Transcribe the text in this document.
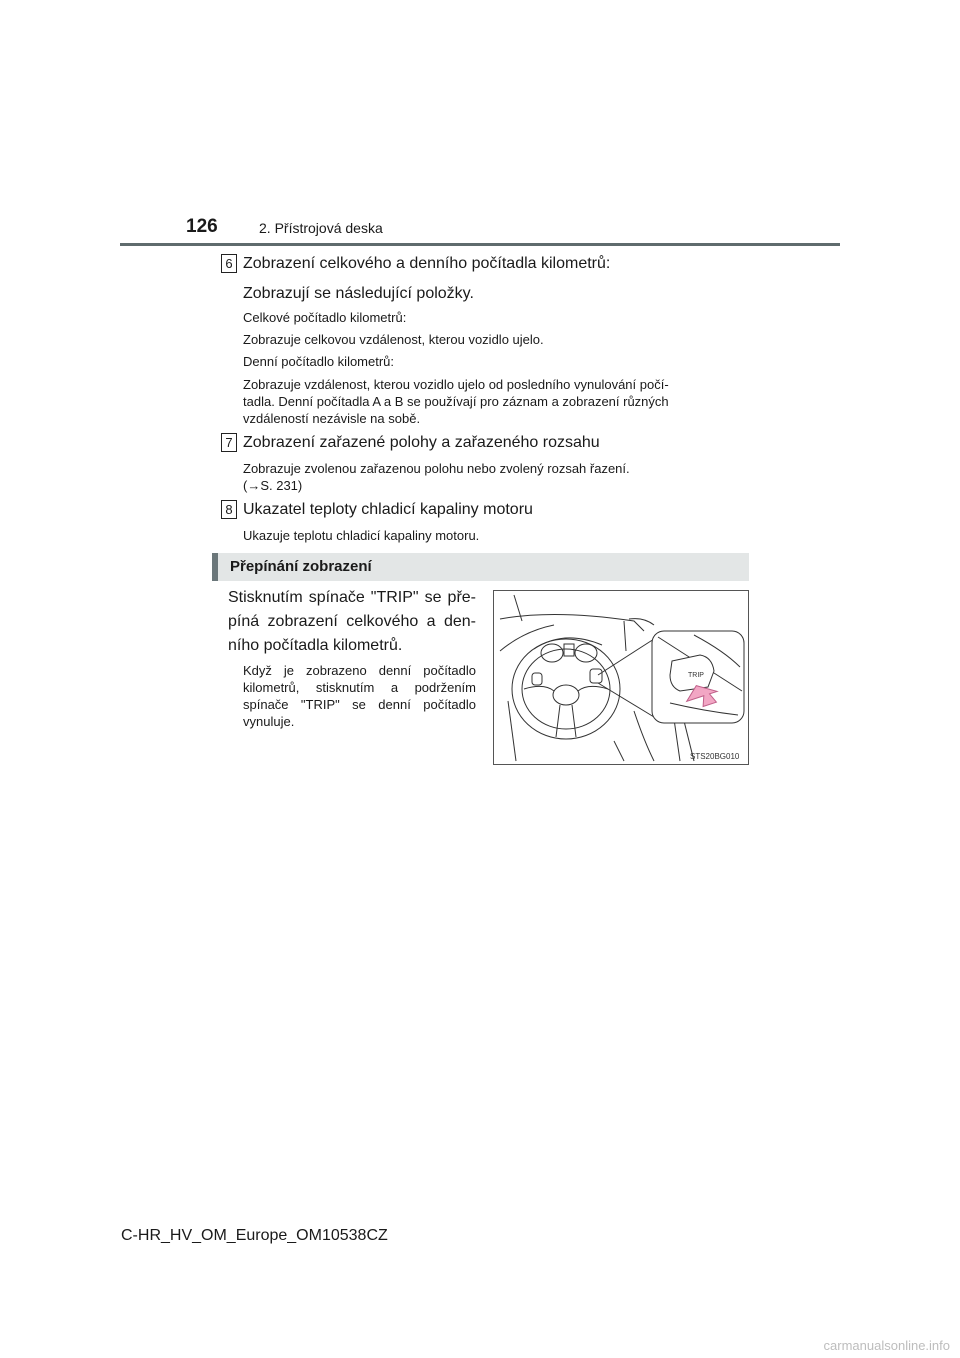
126	2. Přístrojová deska
6 Zobrazení celkového a denního počítadla kilometrů:
Zobrazují se následující položky.
Celkové počítadlo kilometrů:
Zobrazuje celkovou vzdálenost, kterou vozidlo ujelo.
Denní počítadlo kilometrů:
Zobrazuje vzdálenost, kterou vozidlo ujelo od posledního vynulování počí-
tadla. Denní počítadla A a B se používají pro záznam a zobrazení různých
vzdáleností nezávisle na sobě.
7 Zobrazení zařazené polohy a zařazeného rozsahu
Zobrazuje zvolenou zařazenou polohu nebo zvolený rozsah řazení.
(→S. 231)
8 Ukazatel teploty chladicí kapaliny motoru
Ukazuje teplotu chladicí kapaliny motoru.
Přepínání zobrazení
Stisknutím spínače "TRIP" se pře-
píná zobrazení celkového a den-
ního počítadla kilometrů.
Když je zobrazeno denní počítadlo
kilometrů, stisknutím a podržením
spínače "TRIP" se denní počítadlo
vynuluje.
TRIP
STS20BG010
C-HR_HV_OM_Europe_OM10538CZ
carmanualsonline.info
